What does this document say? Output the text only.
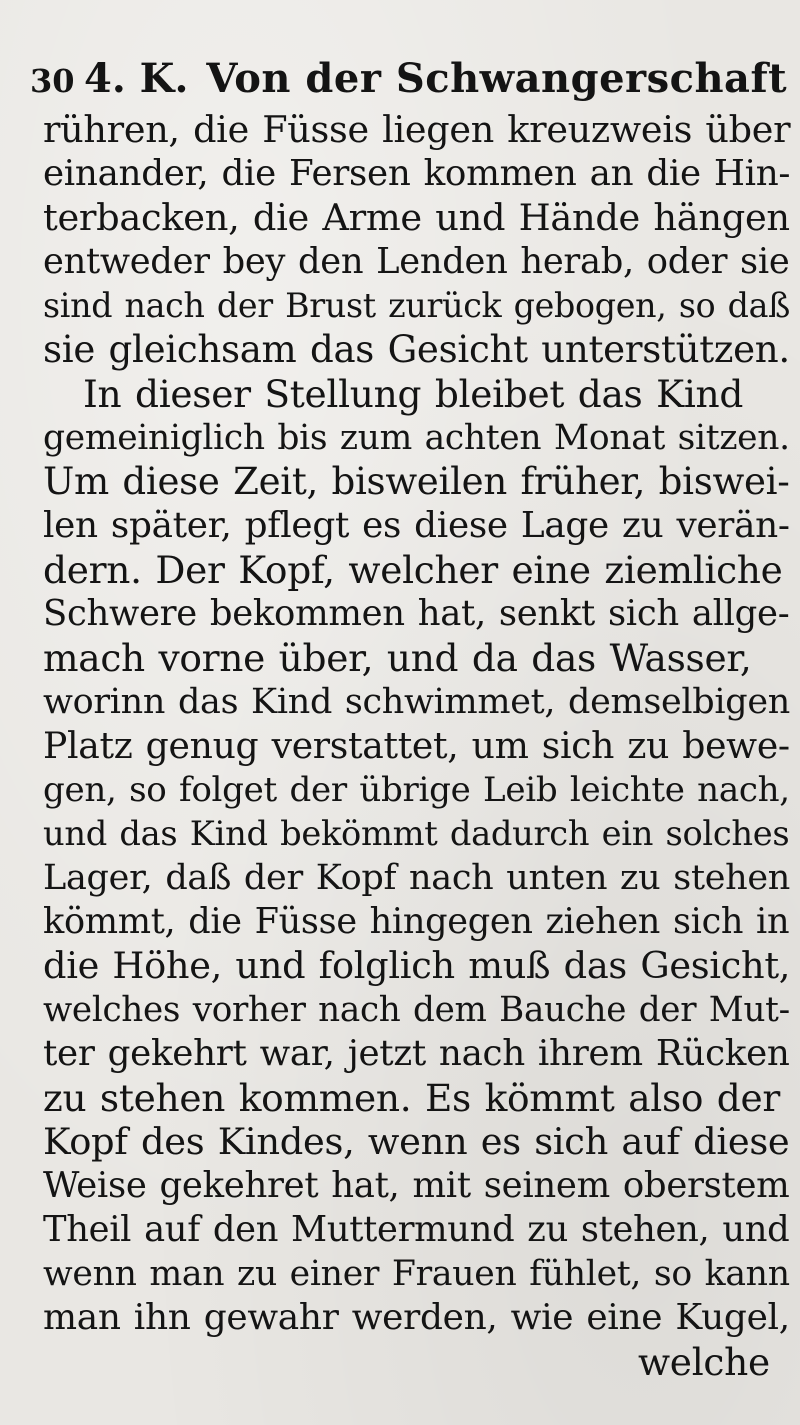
30 4. K. Von der Schwangerschaft
rühren, die Füsse liegen kreuzweis über
einander, die Fersen kommen an die Hin-
terbacken, die Arme und Hände hängen
entweder bey den Lenden herab, oder sie
sind nach der Brust zurück gebogen, so daß
sie gleichsam das Gesicht unterstützen.
In dieser Stellung bleibet das Kind
gemeiniglich bis zum achten Monat sitzen.
Um diese Zeit, bisweilen früher, biswei-
len später, pflegt es diese Lage zu verän-
dern. Der Kopf, welcher eine ziemliche
Schwere bekommen hat, senkt sich allge-
mach vorne über, und da das Wasser,
worinn das Kind schwimmet, demselbigen
Platz genug verstattet, um sich zu bewe-
gen, so folget der übrige Leib leichte nach,
und das Kind bekömmt dadurch ein solches
Lager, daß der Kopf nach unten zu stehen
kömmt, die Füsse hingegen ziehen sich in
die Höhe, und folglich muß das Gesicht,
welches vorher nach dem Bauche der Mut-
ter gekehrt war, jetzt nach ihrem Rücken
zu stehen kommen. Es kömmt also der
Kopf des Kindes, wenn es sich auf diese
Weise gekehret hat, mit seinem oberstem
Theil auf den Muttermund zu stehen, und
wenn man zu einer Frauen fühlet, so kann
man ihn gewahr werden, wie eine Kugel,
welche
